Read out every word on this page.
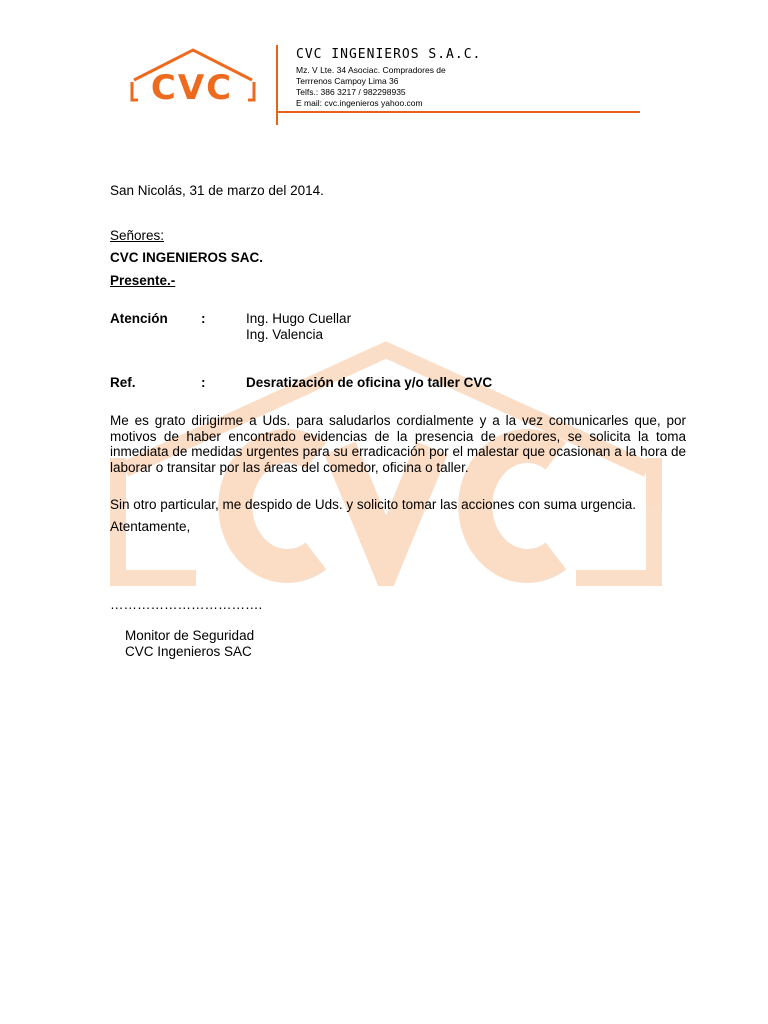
CVC
CVC INGENIEROS S.A.C.
Mz. V Lte. 34 Asociac. Compradores de
Terrrenos Campoy Lima 36
Telfs.: 386 3217 / 982298935
E mail: cvc.ingenieros yahoo.com
San Nicolás, 31 de marzo del 2014.
Señores:
CVC INGENIEROS SAC.
Presente.-
Atención :	Ing. Hugo Cuellar
Ing. Valencia
Ref.	:	Desratización de oficina y/o taller CVC
Me es grato dirigirme a Uds. para saludarlos cordialmente y a la vez comunicarles que, por motivos de haber encontrado evidencias de la presencia de roedores, se solicita la toma inmediata de medidas urgentes para su erradicación por el malestar que ocasionan a la hora de laborar o transitar por las áreas del comedor, oficina o taller.
Sin otro particular, me despido de Uds. y solicito tomar las acciones con suma urgencia.
Atentamente,
…………………………….
Monitor de Seguridad
CVC Ingenieros SAC
